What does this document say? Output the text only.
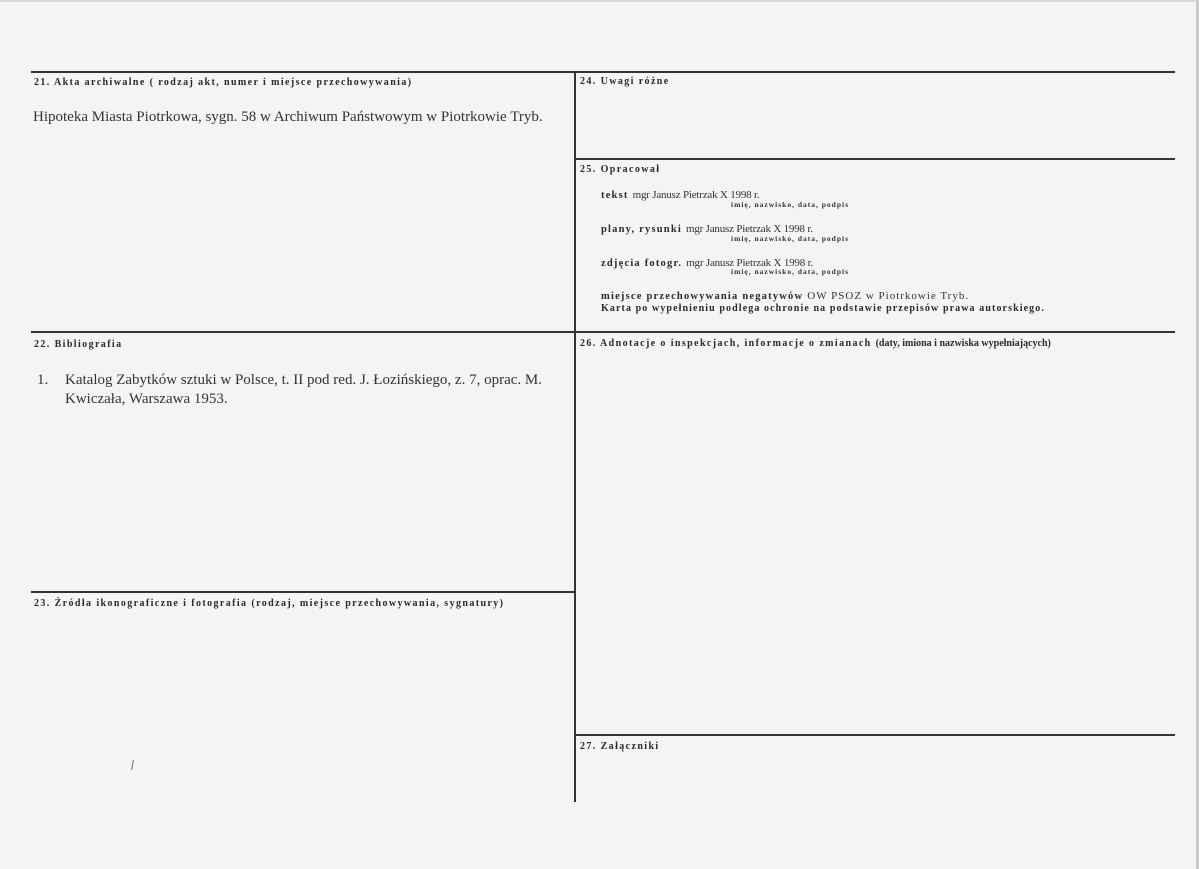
21. Akta archiwalne ( rodzaj akt, numer i miejsce przechowywania)
Hipoteka Miasta Piotrkowa, sygn. 58 w Archiwum Państwowym w Piotrkowie Tryb.
24. Uwagi różne
25. Opracował
tekst mgr Janusz Pietrzak X 1998 r.
imię, nazwisko, data, podpis
plany, rysunki mgr Janusz Pietrzak X 1998 r.
imię, nazwisko, data, podpis
zdjęcia fotogr. mgr Janusz Pietrzak X 1998 r.
imię, nazwisko, data, podpis
miejsce przechowywania negatywów OW PSOZ w Piotrkowie Tryb.
Karta po wypełnieniu podlega ochronie na podstawie przepisów prawa autorskiego.
22. Bibliografia
1. Katalog Zabytków sztuki w Polsce, t. II pod red. J. Łozińskiego, z. 7, oprac. M.
Kwiczała, Warszawa 1953.
26. Adnotacje o inspekcjach, informacje o zmianach (daty, imiona i nazwiska wypełniających)
23. Źródła ikonograficzne i fotografia (rodzaj, miejsce przechowywania, sygnatury)
27. Załączniki
